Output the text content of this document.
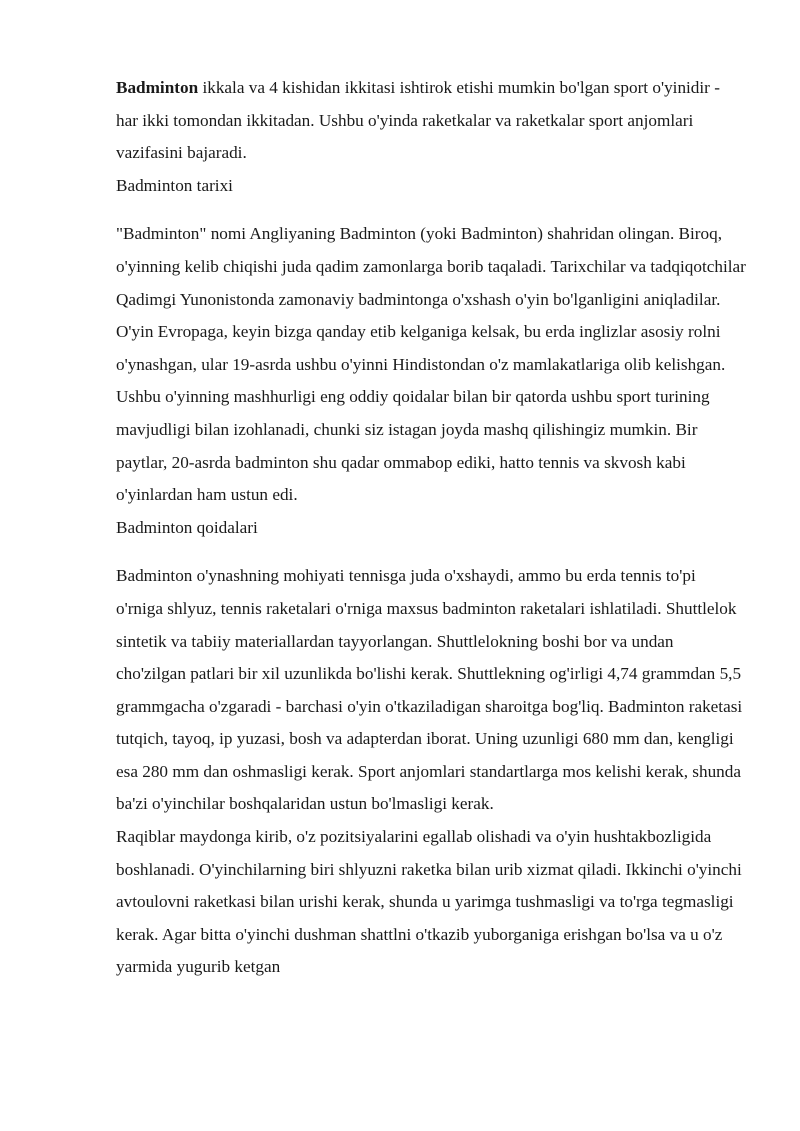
Badminton ikkala va 4 kishidan ikkitasi ishtirok etishi mumkin bo'lgan sport o'yinidir - har ikki tomondan ikkitadan. Ushbu o'yinda raketkalar va raketkalar sport anjomlari vazifasini bajaradi.

Badminton tarixi

"Badminton" nomi Angliyaning Badminton (yoki Badminton) shahridan olingan. Biroq, o'yinning kelib chiqishi juda qadim zamonlarga borib taqaladi. Tarixchilar va tadqiqotchilar Qadimgi Yunonistonda zamonaviy badmintonga o'xshash o'yin bo'lganligini aniqladilar. O'yin Evropaga, keyin bizga qanday etib kelganiga kelsak, bu erda inglizlar asosiy rolni o'ynashgan, ular 19-asrda ushbu o'yinni Hindistondan o'z mamlakatlariga olib kelishgan. Ushbu o'yinning mashhurligi eng oddiy qoidalar bilan bir qatorda ushbu sport turining mavjudligi bilan izohlanadi, chunki siz istagan joyda mashq qilishingiz mumkin. Bir paytlar, 20-asrda badminton shu qadar ommabop ediki, hatto tennis va skvosh kabi o'yinlardan ham ustun edi.

Badminton qoidalari

Badminton o'ynashning mohiyati tennisga juda o'xshaydi, ammo bu erda tennis to'pi o'rniga shlyuz, tennis raketalari o'rniga maxsus badminton raketalari ishlatiladi. Shuttlelok sintetik va tabiiy materiallardan tayyorlangan. Shuttlelokning boshi bor va undan cho'zilgan patlari bir xil uzunlikda bo'lishi kerak. Shuttlekning og'irligi 4,74 grammdan 5,5 grammgacha o'zgaradi - barchasi o'yin o'tkaziladigan sharoitga bog'liq. Badminton raketasi tutqich, tayoq, ip yuzasi, bosh va adapterdan iborat. Uning uzunligi 680 mm dan, kengligi esa 280 mm dan oshmasligi kerak. Sport anjomlari standartlarga mos kelishi kerak, shunda ba'zi o'yinchilar boshqalaridan ustun bo'lmasligi kerak.

Raqiblar maydonga kirib, o'z pozitsiyalarini egallab olishadi va o'yin hushtakbozligida boshlanadi. O'yinchilarning biri shlyuzni raketka bilan urib xizmat qiladi. Ikkinchi o'yinchi avtoulovni raketkasi bilan urishi kerak, shunda u yarimga tushmasligi va to'rga tegmasligi kerak. Agar bitta o'yinchi dushman shattlni o'tkazib yuborganiga erishgan bo'lsa va u o'z yarmida yugurib ketgan
